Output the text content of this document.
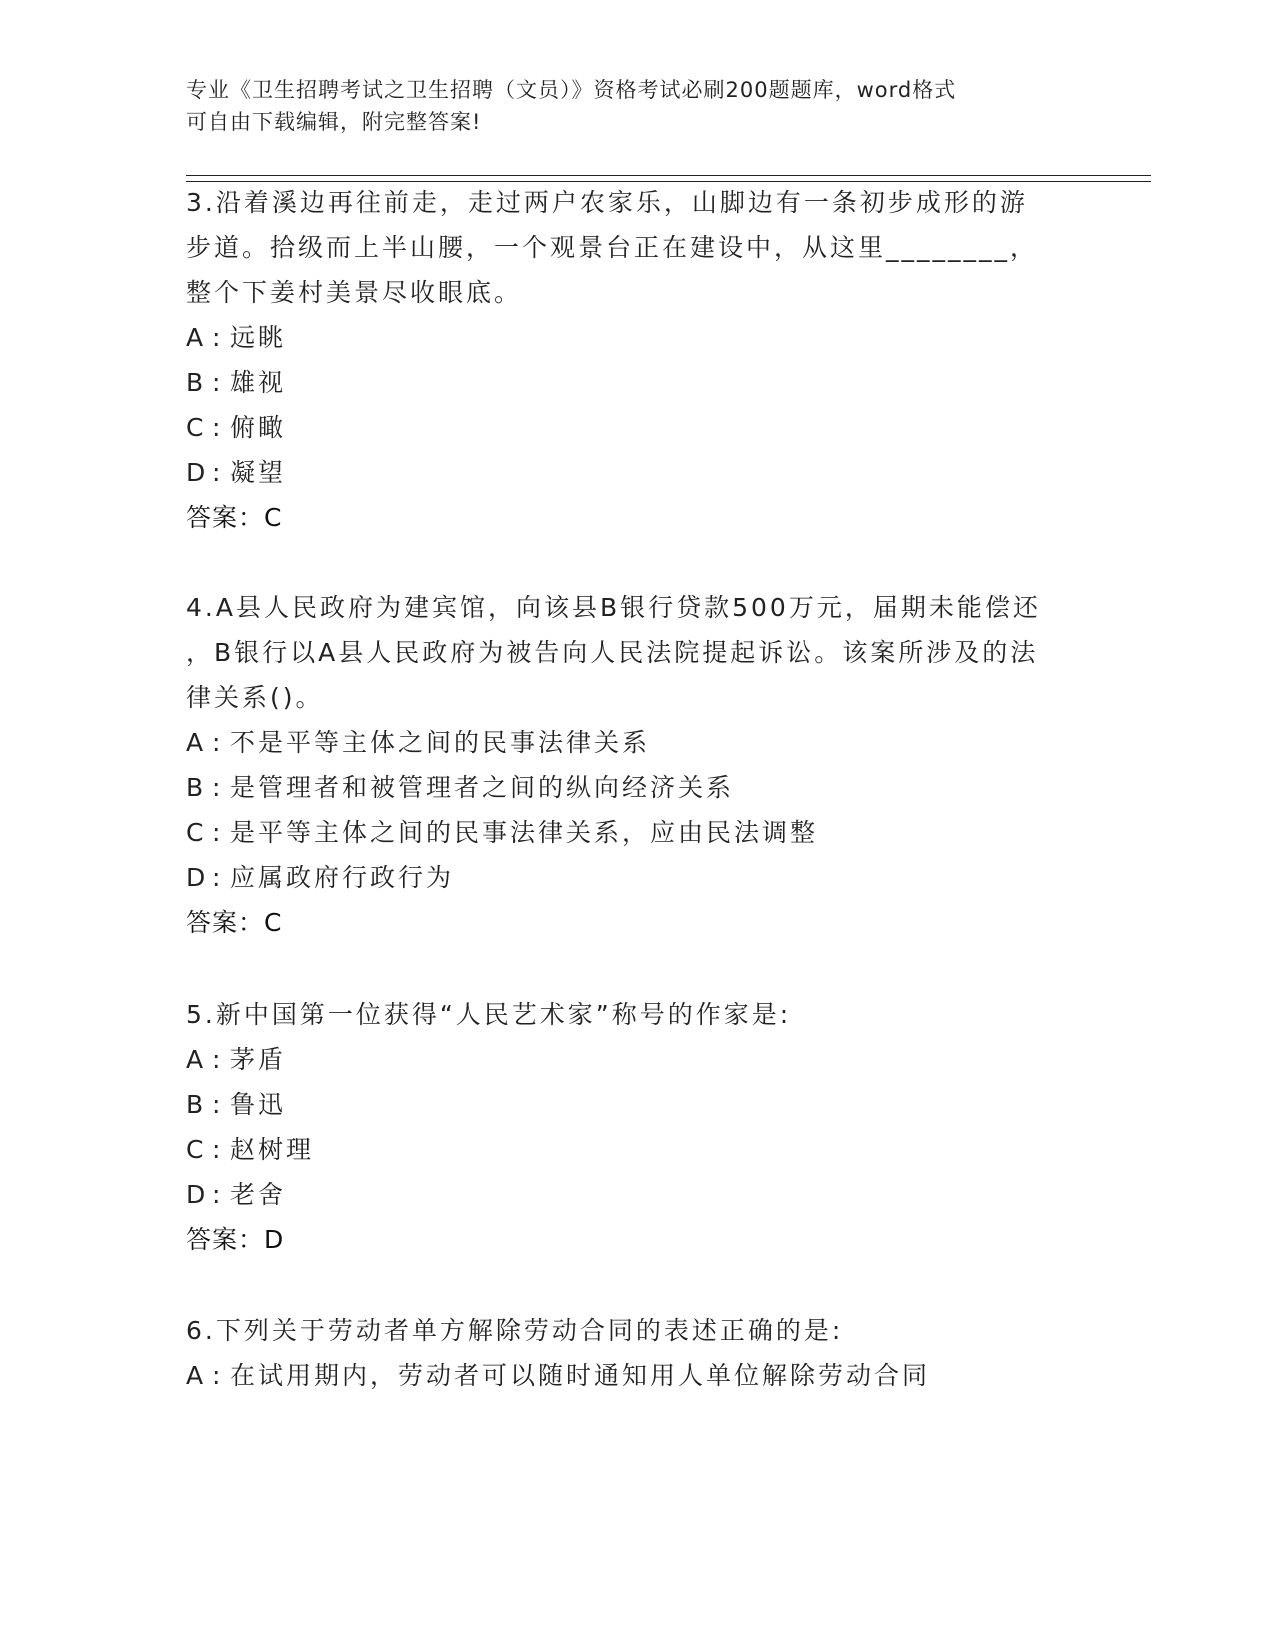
专业《卫生招聘考试之卫生招聘（文员）》资格考试必刷200题题库，word格式

可自由下载编辑，附完整答案!

3.沿着溪边再往前走，走过两户农家乐，山脚边有一条初步成形的游

步道。拾级而上半山腰，一个观景台正在建设中，从这里________，

整个下姜村美景尽收眼底。

A : 远眺

B : 雄视

C : 俯瞰

D : 凝望

答案：C

4.A县人民政府为建宾馆，向该县B银行贷款500万元，届期未能偿还

，B银行以A县人民政府为被告向人民法院提起诉讼。该案所涉及的法

律关系()。

A : 不是平等主体之间的民事法律关系

B : 是管理者和被管理者之间的纵向经济关系

C : 是平等主体之间的民事法律关系，应由民法调整

D : 应属政府行政行为

答案：C

5.新中国第一位获得“人民艺术家”称号的作家是:

A : 茅盾

B : 鲁迅

C : 赵树理

D : 老舍

答案：D

6.下列关于劳动者单方解除劳动合同的表述正确的是:

A : 在试用期内，劳动者可以随时通知用人单位解除劳动合同
